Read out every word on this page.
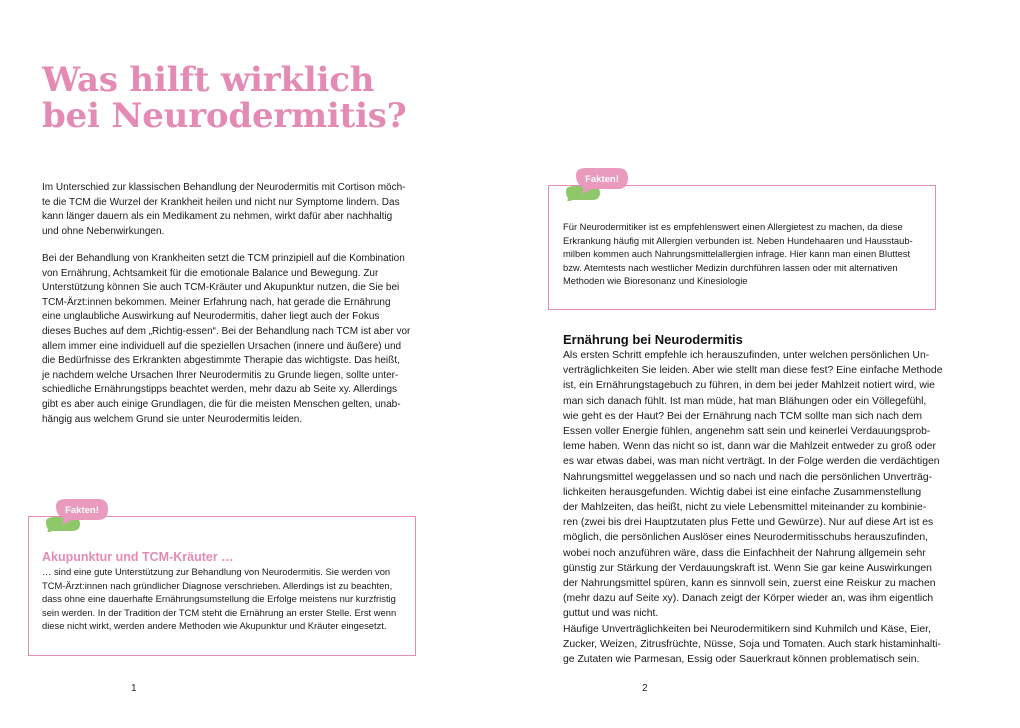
Was hilft wirklich
bei Neurodermitis?

Im Unterschied zur klassischen Behandlung der Neurodermitis mit Cortison möch-
te die TCM die Wurzel der Krankheit heilen und nicht nur Symptome lindern. Das
kann länger dauern als ein Medikament zu nehmen, wirkt dafür aber nachhaltig
und ohne Nebenwirkungen.

Bei der Behandlung von Krankheiten setzt die TCM prinzipiell auf die Kombination
von Ernährung, Achtsamkeit für die emotionale Balance und Bewegung. Zur
Unterstützung können Sie auch TCM-Kräuter und Akupunktur nutzen, die Sie bei
TCM-Ärzt:innen bekommen. Meiner Erfahrung nach, hat gerade die Ernährung
eine unglaubliche Auswirkung auf Neurodermitis, daher liegt auch der Fokus
dieses Buches auf dem „Richtig-essen“. Bei der Behandlung nach TCM ist aber vor
allem immer eine individuell auf die speziellen Ursachen (innere und äußere) und
die Bedürfnisse des Erkrankten abgestimmte Therapie das wichtigste. Das heißt,
je nachdem welche Ursachen Ihrer Neurodermitis zu Grunde liegen, sollte unter-
schiedliche Ernährungstipps beachtet werden, mehr dazu ab Seite xy. Allerdings
gibt es aber auch einige Grundlagen, die für die meisten Menschen gelten, unab-
hängig aus welchem Grund sie unter Neurodermitis leiden.

Fakten!
Akupunktur und TCM-Kräuter …

… sind eine gute Unterstützung zur Behandlung von Neurodermitis. Sie werden von
TCM-Ärzt:innen nach gründlicher Diagnose verschrieben. Allerdings ist zu beachten,
dass ohne eine dauerhafte Ernährungsumstellung die Erfolge meistens nur kurzfristig
sein werden. In der Tradition der TCM steht die Ernährung an erster Stelle. Erst wenn
diese nicht wirkt, werden andere Methoden wie Akupunktur und Kräuter eingesetzt.

1
Fakten!

Für Neurodermitiker ist es empfehlenswert einen Allergietest zu machen, da diese
Erkrankung häufig mit Allergien verbunden ist. Neben Hundehaaren und Hausstaub-
milben kommen auch Nahrungsmittelallergien infrage. Hier kann man einen Bluttest
bzw. Atemtests nach westlicher Medizin durchführen lassen oder mit alternativen
Methoden wie Bioresonanz und Kinesiologie

Ernährung bei Neurodermitis

Als ersten Schritt empfehle ich herauszufinden, unter welchen persönlichen Un-
verträglichkeiten Sie leiden. Aber wie stellt man diese fest? Eine einfache Methode
ist, ein Ernährungstagebuch zu führen, in dem bei jeder Mahlzeit notiert wird, wie
man sich danach fühlt. Ist man müde, hat man Blähungen oder ein Völlegefühl,
wie geht es der Haut? Bei der Ernährung nach TCM sollte man sich nach dem
Essen voller Energie fühlen, angenehm satt sein und keinerlei Verdauungsprob-
leme haben. Wenn das nicht so ist, dann war die Mahlzeit entweder zu groß oder
es war etwas dabei, was man nicht verträgt. In der Folge werden die verdächtigen
Nahrungsmittel weggelassen und so nach und nach die persönlichen Unverträg-
lichkeiten herausgefunden. Wichtig dabei ist eine einfache Zusammenstellung
der Mahlzeiten, das heißt, nicht zu viele Lebensmittel miteinander zu kombinie-
ren (zwei bis drei Hauptzutaten plus Fette und Gewürze). Nur auf diese Art ist es
möglich, die persönlichen Auslöser eines Neurodermitisschubs herauszufinden,
wobei noch anzuführen wäre, dass die Einfachheit der Nahrung allgemein sehr
günstig zur Stärkung der Verdauungskraft ist. Wenn Sie gar keine Auswirkungen
der Nahrungsmittel spüren, kann es sinnvoll sein, zuerst eine Reiskur zu machen
(mehr dazu auf Seite xy). Danach zeigt der Körper wieder an, was ihm eigentlich
guttut und was nicht.
Häufige Unverträglichkeiten bei Neurodermitikern sind Kuhmilch und Käse, Eier,
Zucker, Weizen, Zitrusfrüchte, Nüsse, Soja und Tomaten. Auch stark histaminhalti-
ge Zutaten wie Parmesan, Essig oder Sauerkraut können problematisch sein.

2
